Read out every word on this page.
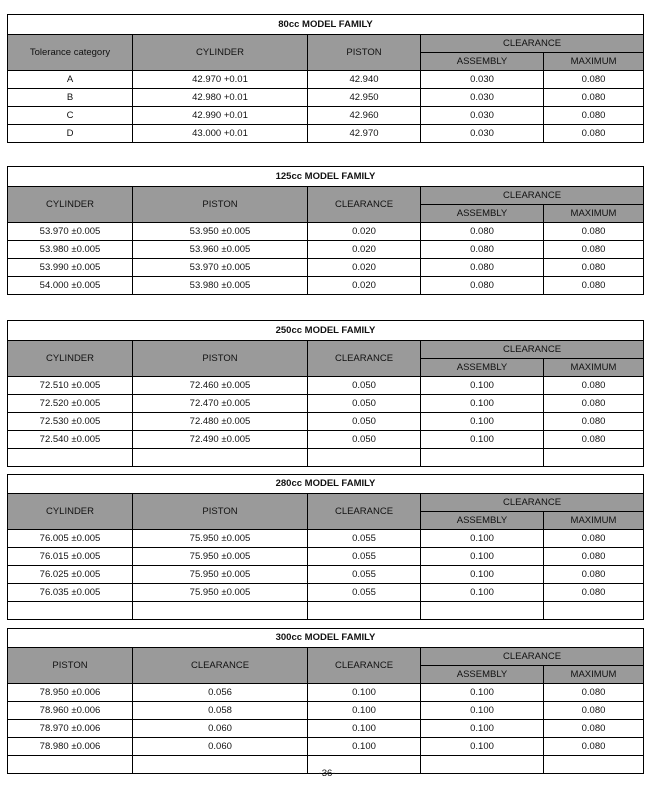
80cc MODEL FAMILY				
Tolerance category	CYLINDER	PISTON	CLEARANCE	
			ASSEMBLY	MAXIMUM
A	42.970 +0.01	42.940	0.030	0.080
B	42.980 +0.01	42.950	0.030	0.080
C	42.990 +0.01	42.960	0.030	0.080
D	43.000 +0.01	42.970	0.030	0.080
125cc MODEL FAMILY				
CYLINDER	PISTON	CLEARANCE	CLEARANCE	
			ASSEMBLY	MAXIMUM
53.970 ±0.005	53.950 ±0.005	0.020	0.080	0.080
53.980 ±0.005	53.960 ±0.005	0.020	0.080	0.080
53.990 ±0.005	53.970 ±0.005	0.020	0.080	0.080
54.000 ±0.005	53.980 ±0.005	0.020	0.080	0.080
250cc MODEL FAMILY				
CYLINDER	PISTON	CLEARANCE	CLEARANCE	
			ASSEMBLY	MAXIMUM
72.510 ±0.005	72.460 ±0.005	0.050	0.100	0.080
72.520 ±0.005	72.470 ±0.005	0.050	0.100	0.080
72.530 ±0.005	72.480 ±0.005	0.050	0.100	0.080
72.540 ±0.005	72.490 ±0.005	0.050	0.100	0.080

280cc MODEL FAMILY				
CYLINDER	PISTON	CLEARANCE	CLEARANCE	
			ASSEMBLY	MAXIMUM
76.005 ±0.005	75.950 ±0.005	0.055	0.100	0.080
76.015 ±0.005	75.950 ±0.005	0.055	0.100	0.080
76.025 ±0.005	75.950 ±0.005	0.055	0.100	0.080
76.035 ±0.005	75.950 ±0.005	0.055	0.100	0.080

300cc MODEL FAMILY				
PISTON	CLEARANCE	CLEARANCE	CLEARANCE	
			ASSEMBLY	MAXIMUM
78.950 ±0.006	0.056	0.100	0.100	0.080
78.960 ±0.006	0.058	0.100	0.100	0.080
78.970 ±0.006	0.060	0.100	0.100	0.080
78.980 ±0.006	0.060	0.100	0.100	0.080

-36-
